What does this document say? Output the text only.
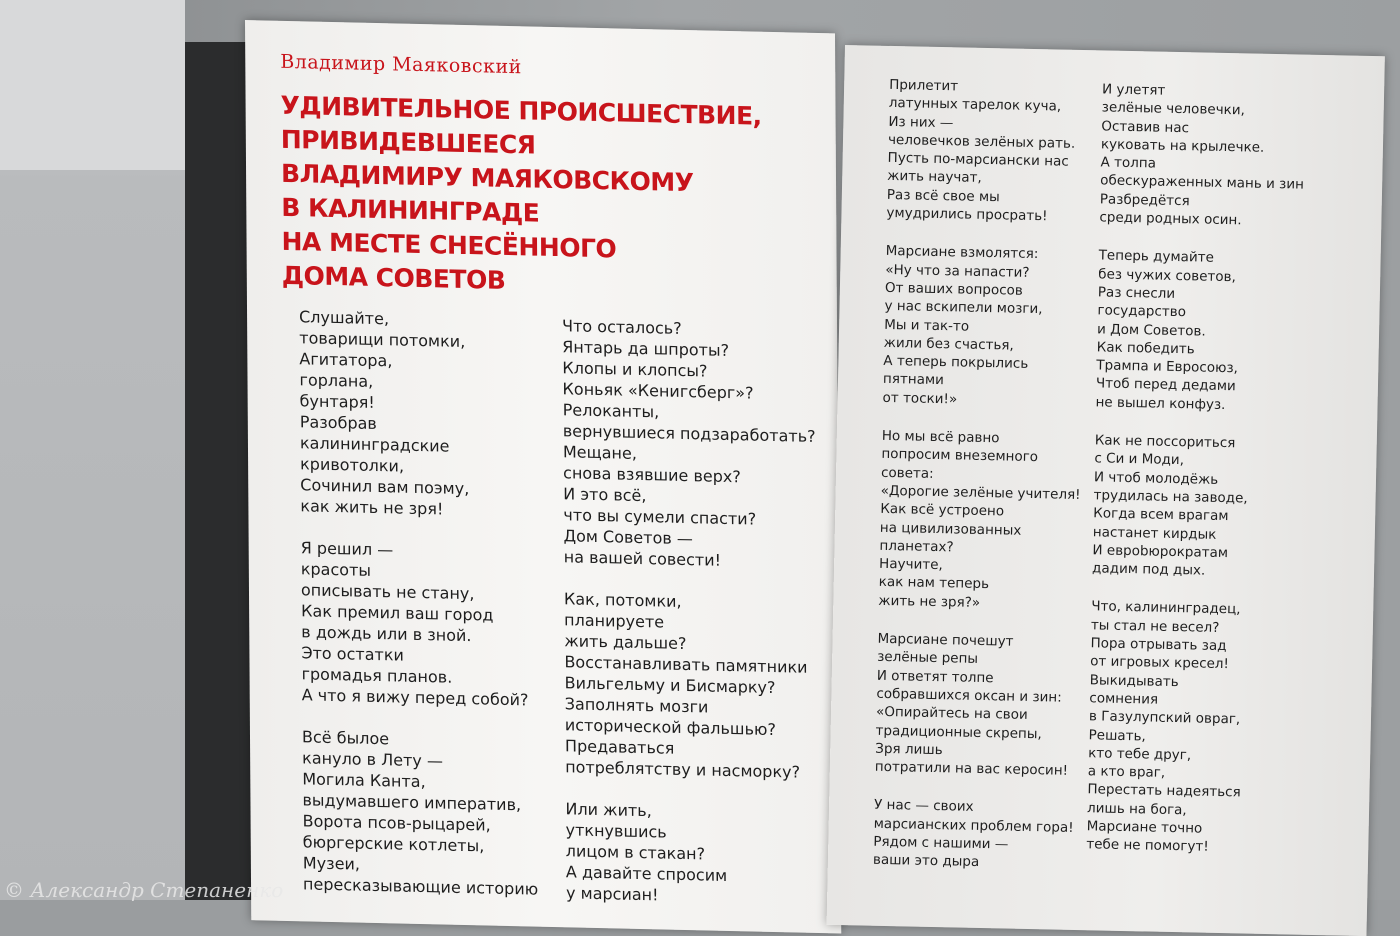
Владимир Маяковский
УДИВИТЕЛЬНОЕ ПРОИСШЕСТВИЕ,
ПРИВИДЕВШЕЕСЯ
ВЛАДИМИРУ МАЯКОВСКОМУ
В КАЛИНИНГРАДЕ
НА МЕСТЕ СНЕСЁННОГО
ДОМА СОВЕТОВ
Слушайте,
товарищи потомки,
Агитатора,
горлана,
бунтаря!
Разобрав
калининградские
кривотолки,
Сочинил вам поэму,
как жить не зря!
Я решил —
красоты
описывать не стану,
Как премил ваш город
в дождь или в зной.
Это остатки
громадья планов.
А что я вижу перед собой?
Всё былое
кануло в Лету —
Могила Канта,
выдумавшего императив,
Ворота псов-рыцарей,
бюргерские котлеты,
Музеи,
пересказывающие историю
Что осталось?
Янтарь да шпроты?
Клопы и клопсы?
Коньяк «Кенигсберг»?
Релоканты,
вернувшиеся подзаработать?
Мещане,
снова взявшие верх?
И это всё,
что вы сумели спасти?
Дом Советов —
на вашей совести!
Как, потомки,
планируете
жить дальше?
Восстанавливать памятники
Вильгельму и Бисмарку?
Заполнять мозги
исторической фальшью?
Предаваться
потреблятству и насморку?
Или жить,
уткнувшись
лицом в стакан?
А давайте спросим
у марсиан!
Прилетит
латунных тарелок куча,
Из них —
человечков зелёных рать.
Пусть по-марсиански нас
жить научат,
Раз всё свое мы
умудрились просрать!
Марсиане взмолятся:
«Ну что за напасти?
От ваших вопросов
у нас вскипели мозги,
Мы и так-то
жили без счастья,
А теперь покрылись
пятнами
от тоски!»
Но мы всё равно
попросим внеземного
совета:
«Дорогие зелёные учителя!
Как всё устроено
на цивилизованных
планетах?
Научите,
как нам теперь
жить не зря?»
Марсиане почешут
зелёные репы
И ответят толпе
собравшихся оксан и зин:
«Опирайтесь на свои
традиционные скрепы,
Зря лишь
потратили на вас керосин!
У нас — своих
марсианских проблем гора!
Рядом с нашими —
ваши это дыра
И улетят
зелёные человечки,
Оставив нас
куковать на крылечке.
А толпа
обескураженных мань и зин
Разбредётся
среди родных осин.
Теперь думайте
без чужих советов,
Раз снесли
государство
и Дом Советов.
Как победить
Трампа и Евросоюз,
Чтоб перед дедами
не вышел конфуз.
Как не поссориться
с Си и Моди,
И чтоб молодёжь
трудилась на заводе,
Когда всем врагам
настанет кирдык
И еврobюрократам
дадим под дых.
Что, калининградец,
ты стал не весел?
Пора отрывать зад
от игровых кресел!
Выкидывать
сомнения
в Газулупский овраг,
Решать,
кто тебе друг,
а кто враг,
Перестать надеяться
лишь на бога,
Марсиане точно
тебе не помогут!
© Александр Степаненко
